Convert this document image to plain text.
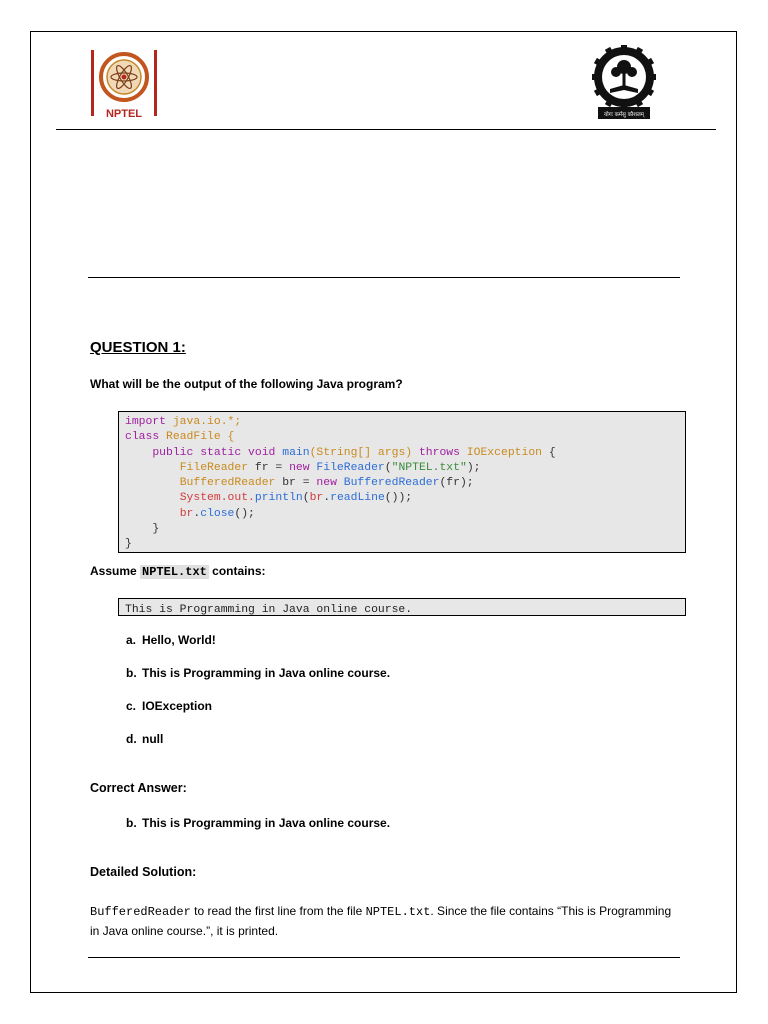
NPTEL	योगः कर्मसु कौशलम्

QUESTION 1:

What will be the output of the following Java program?

import java.io.*;
class ReadFile {
public static void main(String[] args) throws IOException {
FileReader fr = new FileReader("NPTEL.txt");
BufferedReader br = new BufferedReader(fr);
System.out.println(br.readLine());
br.close();
}
}

Assume NPTEL.txt contains:

This is Programming in Java online course.

a. Hello, World!

b. This is Programming in Java online course.

c. IOException

d. null

Correct Answer:

b. This is Programming in Java online course.

Detailed Solution:

BufferedReader to read the first line from the file NPTEL.txt. Since the file contains “This is Programming in Java online course.”, it is printed.
